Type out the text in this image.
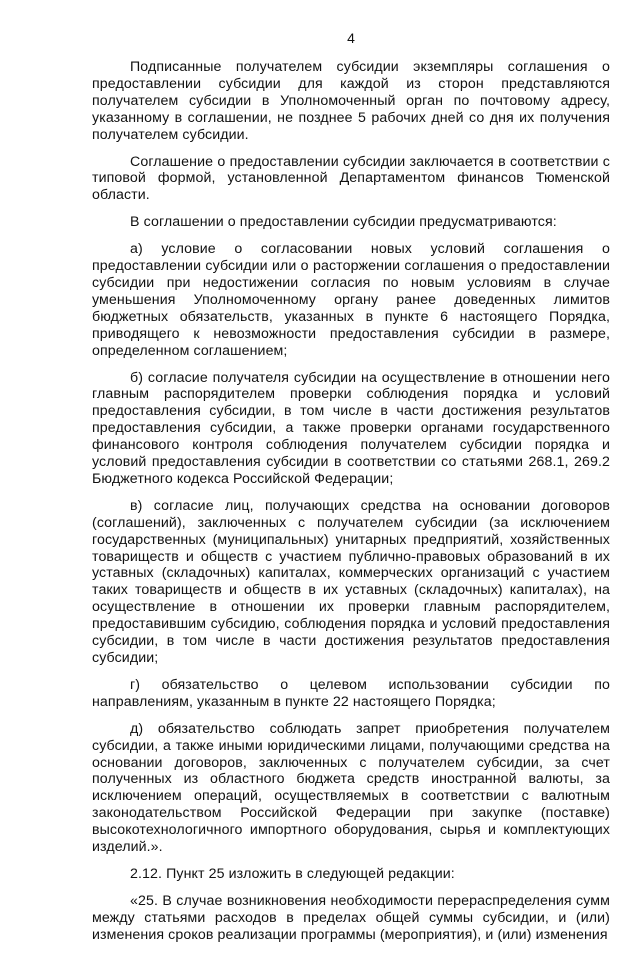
4

Подписанные получателем субсидии экземпляры соглашения о предоставлении субсидии для каждой из сторон представляются получателем субсидии в Уполномоченный орган по почтовому адресу, указанному в соглашении, не позднее 5 рабочих дней со дня их получения получателем субсидии.

Соглашение о предоставлении субсидии заключается в соответствии с типовой формой, установленной Департаментом финансов Тюменской области.

В соглашении о предоставлении субсидии предусматриваются:

а) условие о согласовании новых условий соглашения о предоставлении субсидии или о расторжении соглашения о предоставлении субсидии при недостижении согласия по новым условиям в случае уменьшения Уполномоченному органу ранее доведенных лимитов бюджетных обязательств, указанных в пункте 6 настоящего Порядка, приводящего к невозможности предоставления субсидии в размере, определенном соглашением;

б) согласие получателя субсидии на осуществление в отношении него главным распорядителем проверки соблюдения порядка и условий предоставления субсидии, в том числе в части достижения результатов предоставления субсидии, а также проверки органами государственного финансового контроля соблюдения получателем субсидии порядка и условий предоставления субсидии в соответствии со статьями 268.1, 269.2 Бюджетного кодекса Российской Федерации;

в) согласие лиц, получающих средства на основании договоров (соглашений), заключенных с получателем субсидии (за исключением государственных (муниципальных) унитарных предприятий, хозяйственных товариществ и обществ с участием публично-правовых образований в их уставных (складочных) капиталах, коммерческих организаций с участием таких товариществ и обществ в их уставных (складочных) капиталах), на осуществление в отношении их проверки главным распорядителем, предоставившим субсидию, соблюдения порядка и условий предоставления субсидии, в том числе в части достижения результатов предоставления субсидии;

г) обязательство о целевом использовании субсидии по направлениям, указанным в пункте 22 настоящего Порядка;

д) обязательство соблюдать запрет приобретения получателем субсидии, а также иными юридическими лицами, получающими средства на основании договоров, заключенных с получателем субсидии, за счет полученных из областного бюджета средств иностранной валюты, за исключением операций, осуществляемых в соответствии с валютным законодательством Российской Федерации при закупке (поставке) высокотехнологичного импортного оборудования, сырья и комплектующих изделий.».

2.12. Пункт 25 изложить в следующей редакции:

«25. В случае возникновения необходимости перераспределения сумм между статьями расходов в пределах общей суммы субсидии, и (или) изменения сроков реализации программы (мероприятия), и (или) изменения
